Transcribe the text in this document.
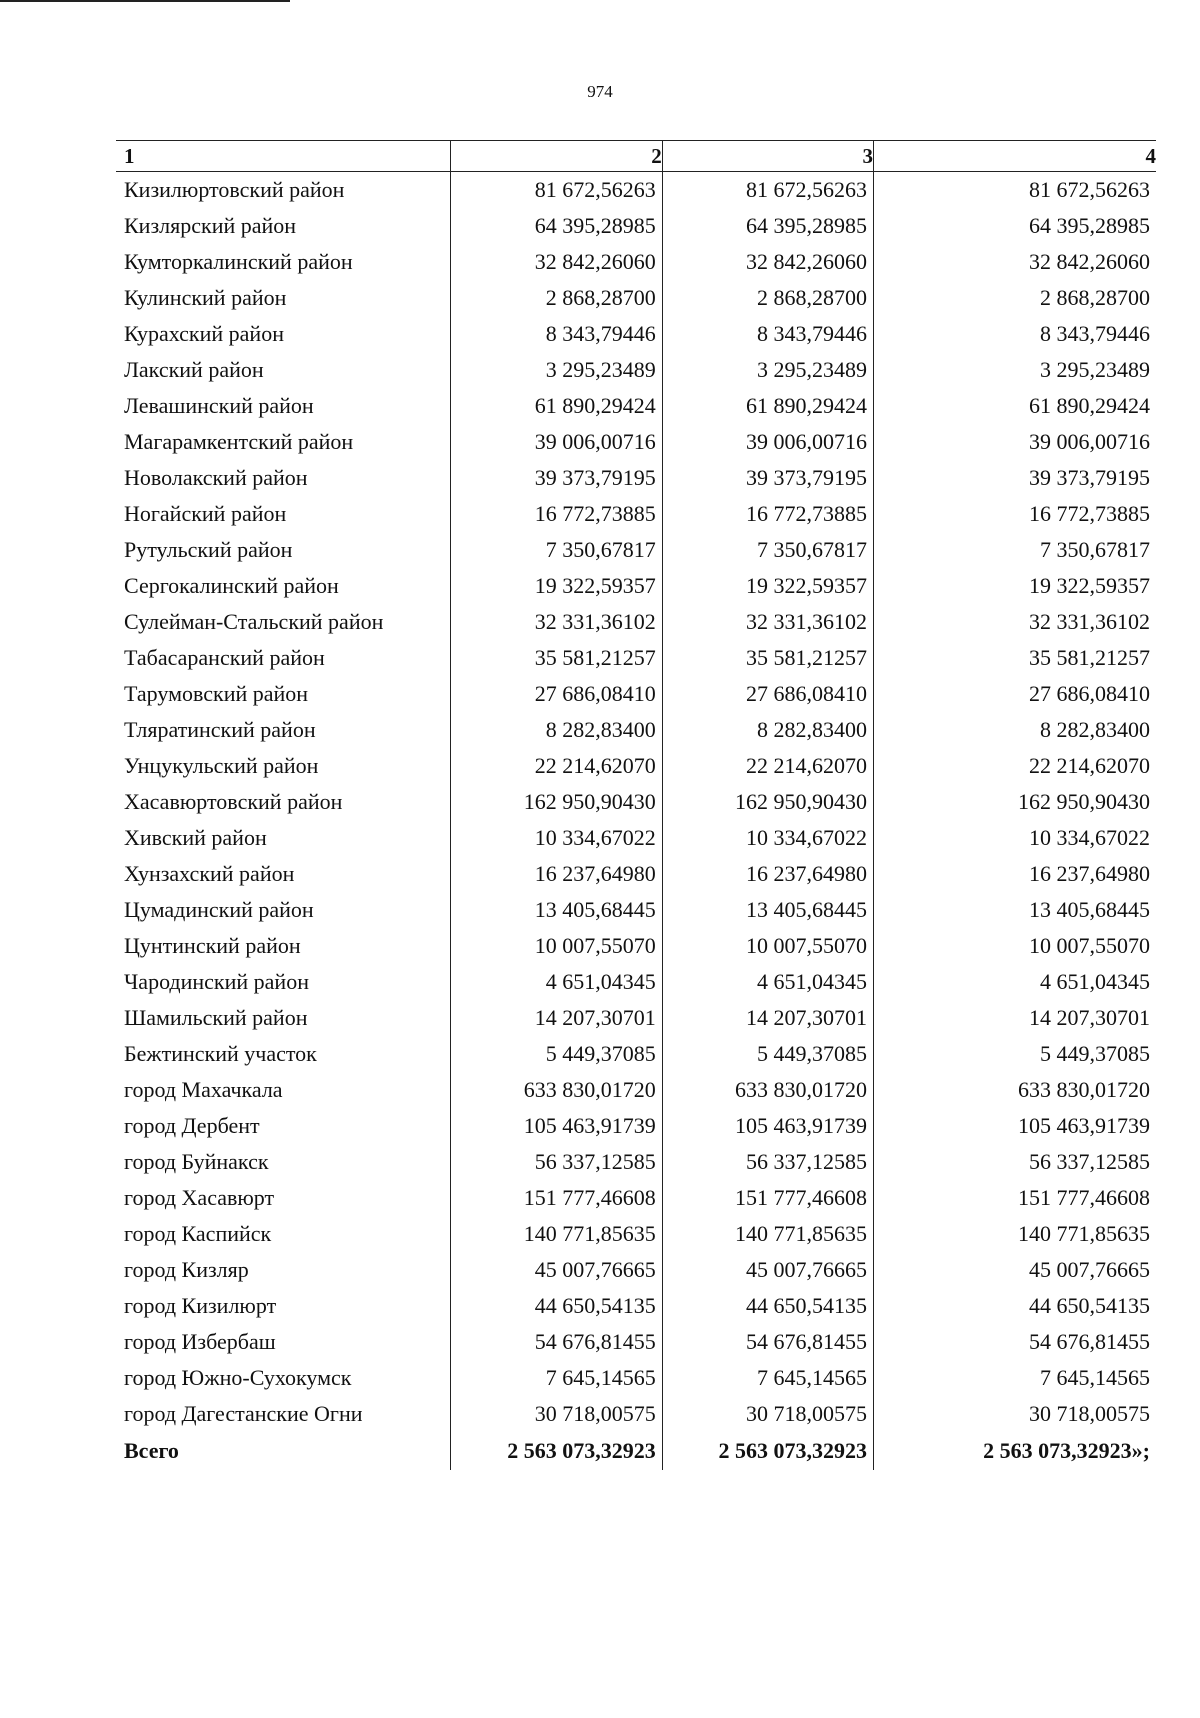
974
1	2	3	4
Кизилюртовский район	81 672,56263	81 672,56263	81 672,56263
Кизлярский район	64 395,28985	64 395,28985	64 395,28985
Кумторкалинский район	32 842,26060	32 842,26060	32 842,26060
Кулинский район	2 868,28700	2 868,28700	2 868,28700
Курахский район	8 343,79446	8 343,79446	8 343,79446
Лакский район	3 295,23489	3 295,23489	3 295,23489
Левашинский район	61 890,29424	61 890,29424	61 890,29424
Магарамкентский район	39 006,00716	39 006,00716	39 006,00716
Новолакский район	39 373,79195	39 373,79195	39 373,79195
Ногайский район	16 772,73885	16 772,73885	16 772,73885
Рутульский район	7 350,67817	7 350,67817	7 350,67817
Сергокалинский район	19 322,59357	19 322,59357	19 322,59357
Сулейман-Стальский район	32 331,36102	32 331,36102	32 331,36102
Табасаранский район	35 581,21257	35 581,21257	35 581,21257
Тарумовский район	27 686,08410	27 686,08410	27 686,08410
Тляратинский район	8 282,83400	8 282,83400	8 282,83400
Унцукульский район	22 214,62070	22 214,62070	22 214,62070
Хасавюртовский район	162 950,90430	162 950,90430	162 950,90430
Хивский район	10 334,67022	10 334,67022	10 334,67022
Хунзахский район	16 237,64980	16 237,64980	16 237,64980
Цумадинский район	13 405,68445	13 405,68445	13 405,68445
Цунтинский район	10 007,55070	10 007,55070	10 007,55070
Чародинский район	4 651,04345	4 651,04345	4 651,04345
Шамильский район	14 207,30701	14 207,30701	14 207,30701
Бежтинский участок	5 449,37085	5 449,37085	5 449,37085
город Махачкала	633 830,01720	633 830,01720	633 830,01720
город Дербент	105 463,91739	105 463,91739	105 463,91739
город Буйнакск	56 337,12585	56 337,12585	56 337,12585
город Хасавюрт	151 777,46608	151 777,46608	151 777,46608
город Каспийск	140 771,85635	140 771,85635	140 771,85635
город Кизляр	45 007,76665	45 007,76665	45 007,76665
город Кизилюрт	44 650,54135	44 650,54135	44 650,54135
город Избербаш	54 676,81455	54 676,81455	54 676,81455
город Южно-Сухокумск	7 645,14565	7 645,14565	7 645,14565
город Дагестанские Огни	30 718,00575	30 718,00575	30 718,00575
Всего	2 563 073,32923	2 563 073,32923	2 563 073,32923»;
